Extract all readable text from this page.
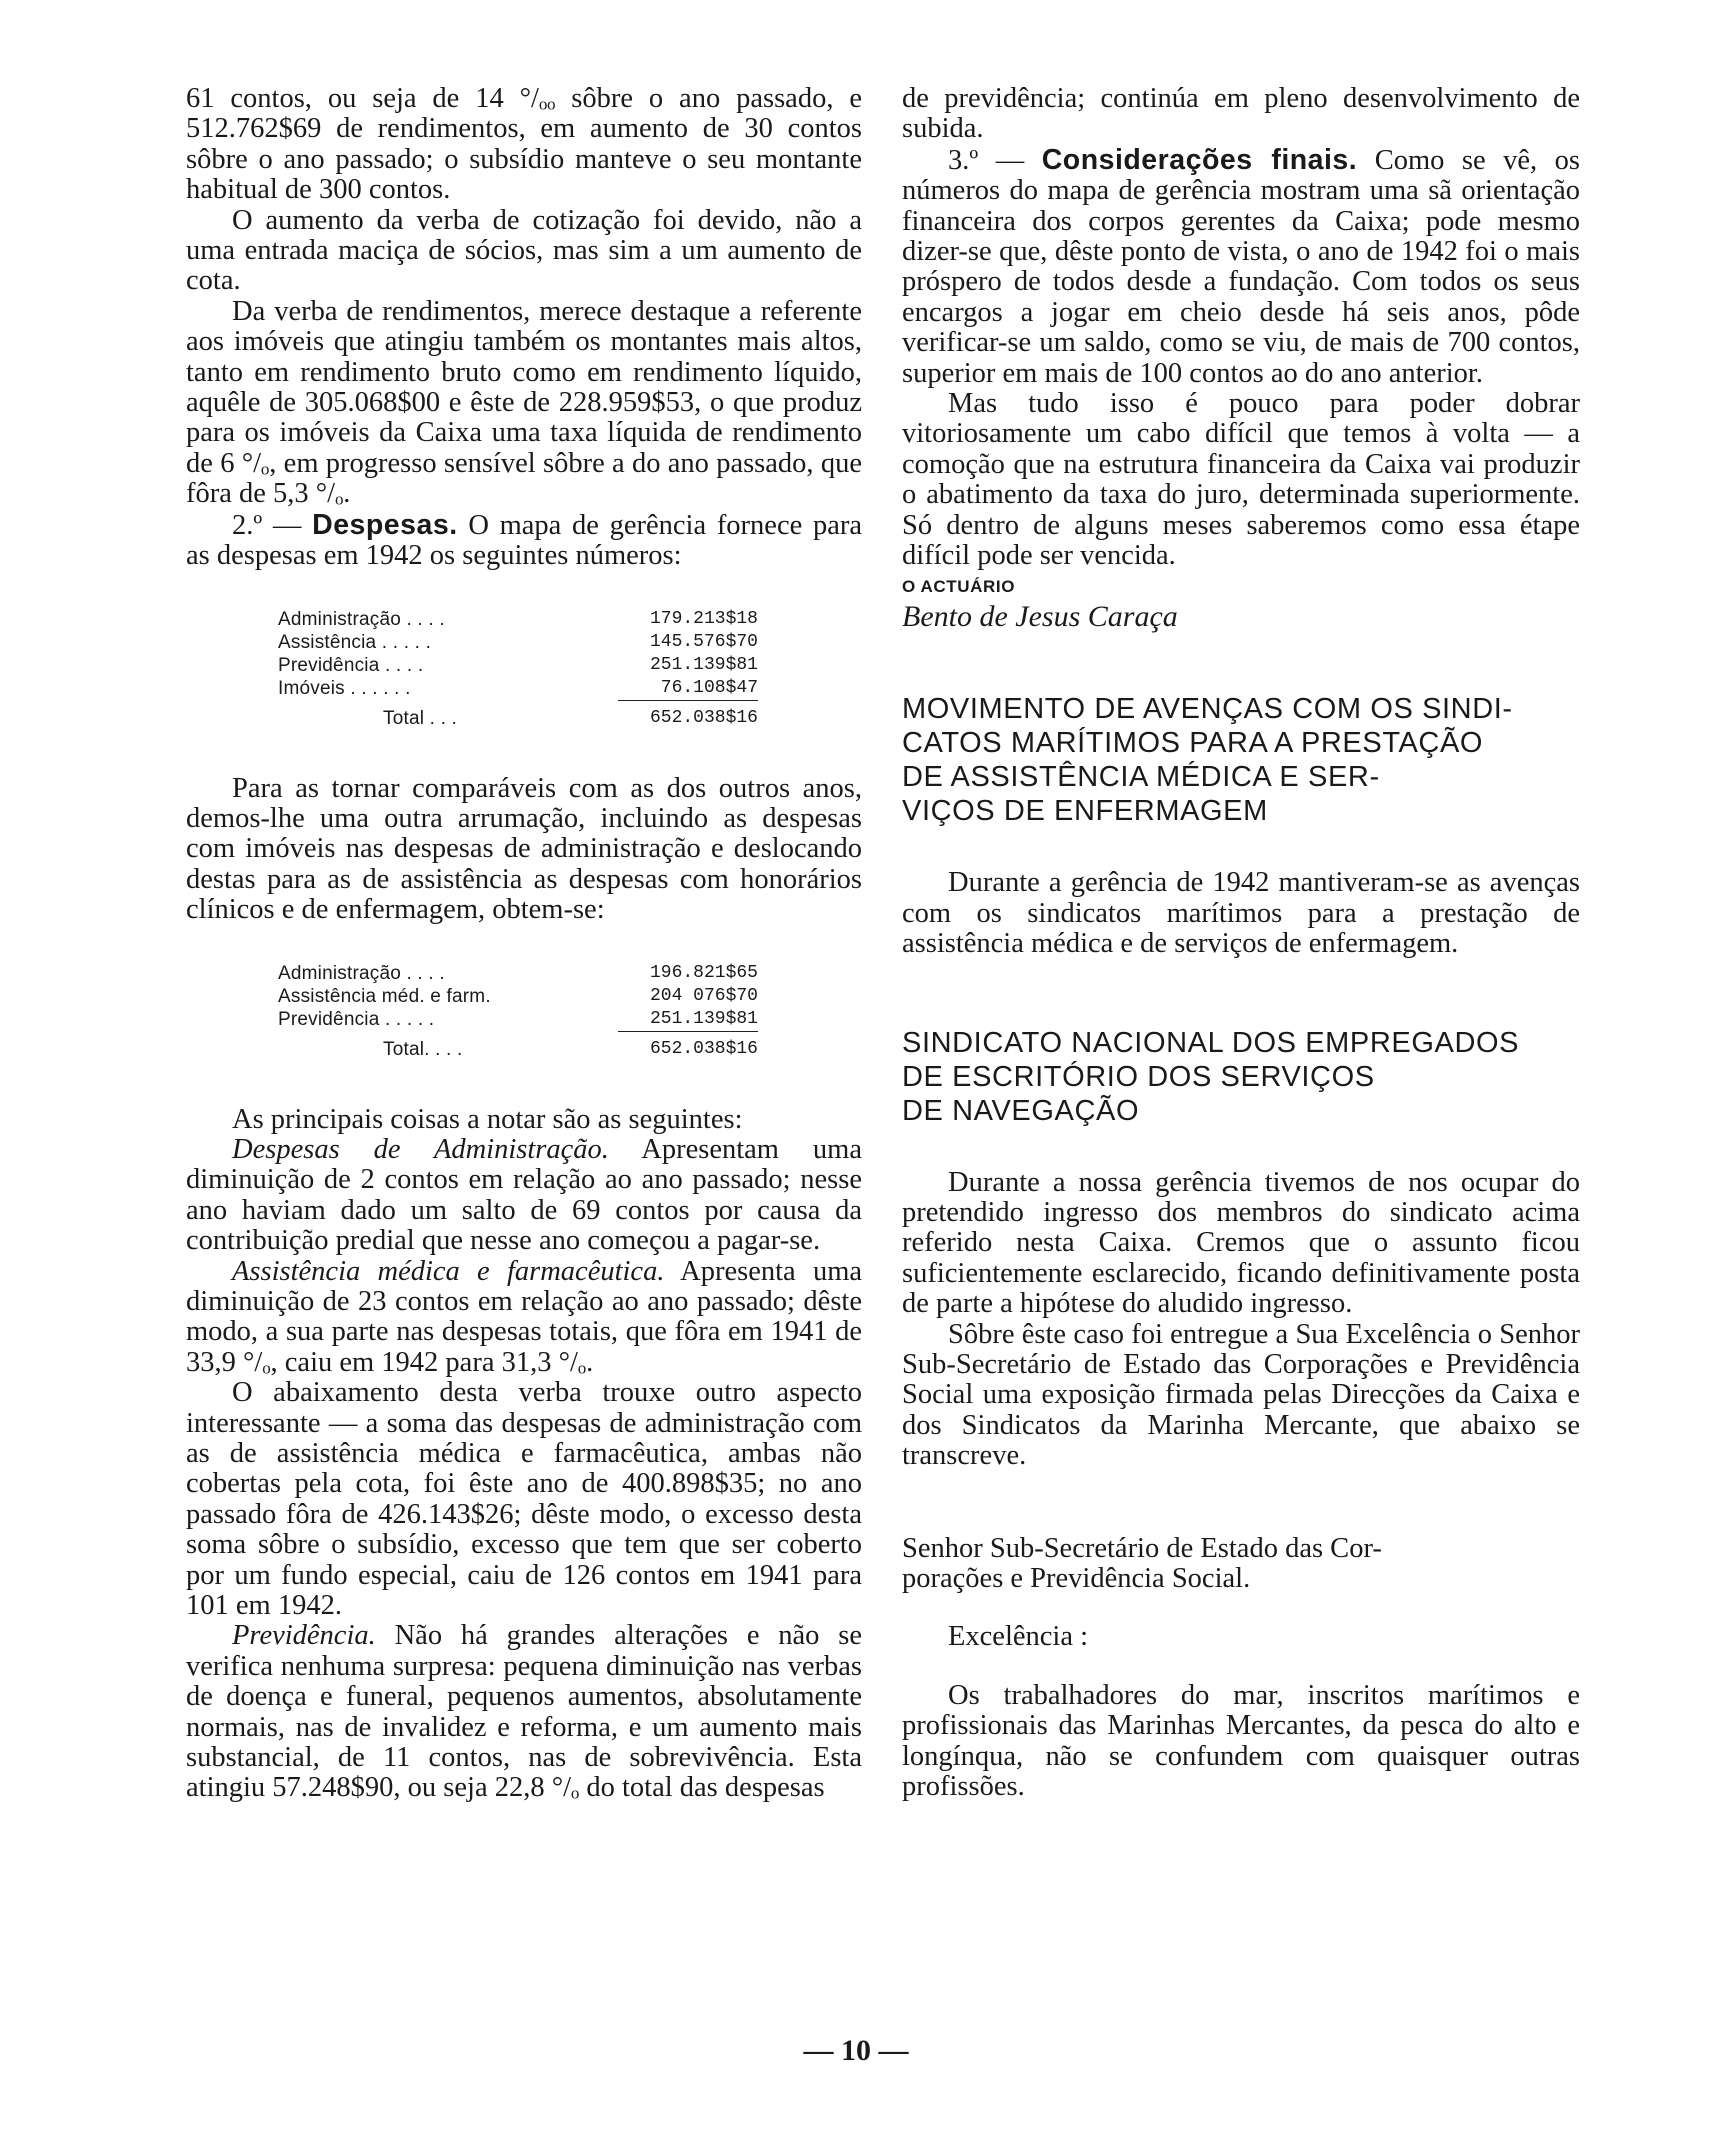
61 contos, ou seja de 14 °/ₒₒ sôbre o ano passado, e 512.762$69 de rendimentos, em aumento de 30 contos sôbre o ano passado; o subsídio manteve o seu montante habitual de 300 contos.

O aumento da verba de cotização foi devido, não a uma entrada maciça de sócios, mas sim a um aumento de cota.

Da verba de rendimentos, merece destaque a referente aos imóveis que atingiu também os montantes mais altos, tanto em rendimento bruto como em rendimento líquido, aquêle de 305.068$00 e êste de 228.959$53, o que produz para os imóveis da Caixa uma taxa líquida de rendimento de 6 °/ₒ, em progresso sensível sôbre a do ano passado, que fôra de 5,3 °/ₒ.

2.º — Despesas. O mapa de gerência fornece para as despesas em 1942 os seguintes números:

Administração . . . .	179.213$18
Assistência . . . . .	145.576$70
Previdência . . . .	251.139$81
Imóveis . . . . . .	76.108$47
Total . . .	652.038$16

Para as tornar comparáveis com as dos outros anos, demos-lhe uma outra arrumação, incluindo as despesas com imóveis nas despesas de administração e deslocando destas para as de assistência as despesas com honorários clínicos e de enfermagem, obtem-se:

Administração . . . .	196.821$65
Assistência méd. e farm.	204 076$70
Previdência . . . . .	251.139$81
Total. . . .	652.038$16

As principais coisas a notar são as seguintes:

Despesas de Administração. Apresentam uma diminuição de 2 contos em relação ao ano passado; nesse ano haviam dado um salto de 69 contos por causa da contribuição predial que nesse ano começou a pagar-se.

Assistência médica e farmacêutica. Apresenta uma diminuição de 23 contos em relação ao ano passado; dêste modo, a sua parte nas despesas totais, que fôra em 1941 de 33,9 °/ₒ, caiu em 1942 para 31,3 °/ₒ.

O abaixamento desta verba trouxe outro aspecto interessante — a soma das despesas de administração com as de assistência médica e farmacêutica, ambas não cobertas pela cota, foi êste ano de 400.898$35; no ano passado fôra de 426.143$26; dêste modo, o excesso desta soma sôbre o subsídio, excesso que tem que ser coberto por um fundo especial, caiu de 126 contos em 1941 para 101 em 1942.

Previdência. Não há grandes alterações e não se verifica nenhuma surpresa: pequena diminuição nas verbas de doença e funeral, pequenos aumentos, absolutamente normais, nas de invalidez e reforma, e um aumento mais substancial, de 11 contos, nas de sobrevivência. Esta atingiu 57.248$90, ou seja 22,8 °/ₒ do total das despesas

de previdência; continúa em pleno desenvolvimento de subida.

3.º — Considerações finais. Como se vê, os números do mapa de gerência mostram uma sã orientação financeira dos corpos gerentes da Caixa; pode mesmo dizer-se que, dêste ponto de vista, o ano de 1942 foi o mais próspero de todos desde a fundação. Com todos os seus encargos a jogar em cheio desde há seis anos, pôde verificar-se um saldo, como se viu, de mais de 700 contos, superior em mais de 100 contos ao do ano anterior.

Mas tudo isso é pouco para poder dobrar vitoriosamente um cabo difícil que temos à volta — a comoção que na estrutura financeira da Caixa vai produzir o abatimento da taxa do juro, determinada superiormente. Só dentro de alguns meses saberemos como essa étape difícil pode ser vencida.

O ACTUÁRIO

Bento de Jesus Caraça

MOVIMENTO DE AVENÇAS COM OS SINDI-

CATOS MARÍTIMOS PARA A PRESTAÇÃO

DE ASSISTÊNCIA MÉDICA E SER-

VIÇOS DE ENFERMAGEM

Durante a gerência de 1942 mantiveram-se as avenças com os sindicatos marítimos para a prestação de assistência médica e de serviços de enfermagem.

SINDICATO NACIONAL DOS EMPREGADOS

DE ESCRITÓRIO DOS SERVIÇOS

DE NAVEGAÇÃO

Durante a nossa gerência tivemos de nos ocupar do pretendido ingresso dos membros do sindicato acima referido nesta Caixa. Cremos que o assunto ficou suficientemente esclarecido, ficando definitivamente posta de parte a hipótese do aludido ingresso.

Sôbre êste caso foi entregue a Sua Excelência o Senhor Sub-Secretário de Estado das Corporações e Previdência Social uma exposição firmada pelas Direcções da Caixa e dos Sindicatos da Marinha Mercante, que abaixo se transcreve.

Senhor Sub-Secretário de Estado das Cor-

porações e Previdência Social.

Excelência :

Os trabalhadores do mar, inscritos marítimos e profissionais das Marinhas Mercantes, da pesca do alto e longínqua, não se confundem com quaisquer outras profissões.

— 10 —
